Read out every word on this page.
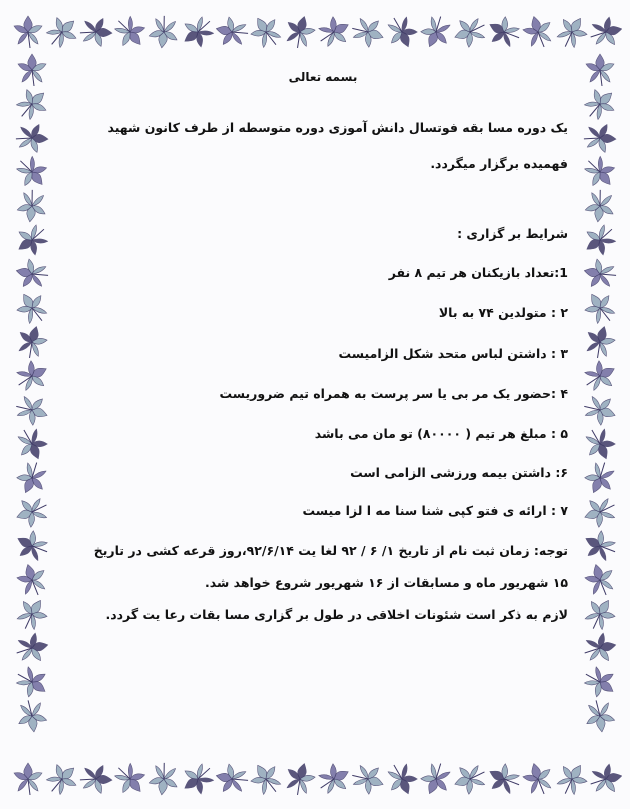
بسمه تعالی
یک دوره مسا بقه فوتسال دانش آموزی دوره متوسطه از طرف کانون شهید فهمیده برگزار میگردد.
شرایط بر گزاری :
1:تعداد بازیکنان هر تیم ۸ نفر
۲ : متولدین ۷۴ به بالا
۳ : داشتن لباس متحد شکل الزامیست
۴ :حضور یک مر بی یا سر پرست به همراه تیم ضروریست
۵ : مبلغ هر تیم ( ۸۰۰۰۰) تو مان می باشد
۶: داشتن بیمه ورزشی الزامی است
۷ : ارائه ی فتو کپی شنا سنا مه ا لزا میست
توجه: زمان ثبت نام از تاریخ ۱/ ۶ / ۹۲ لغا یت ۹۲/۶/۱۴،روز قرعه کشی در تاریخ ۱۵ شهریور ماه و مسابقات از ۱۶ شهریور شروع خواهد شد.
لازم به ذکر است شئونات اخلاقی در طول بر گزاری مسا بقات رعا یت گردد.
